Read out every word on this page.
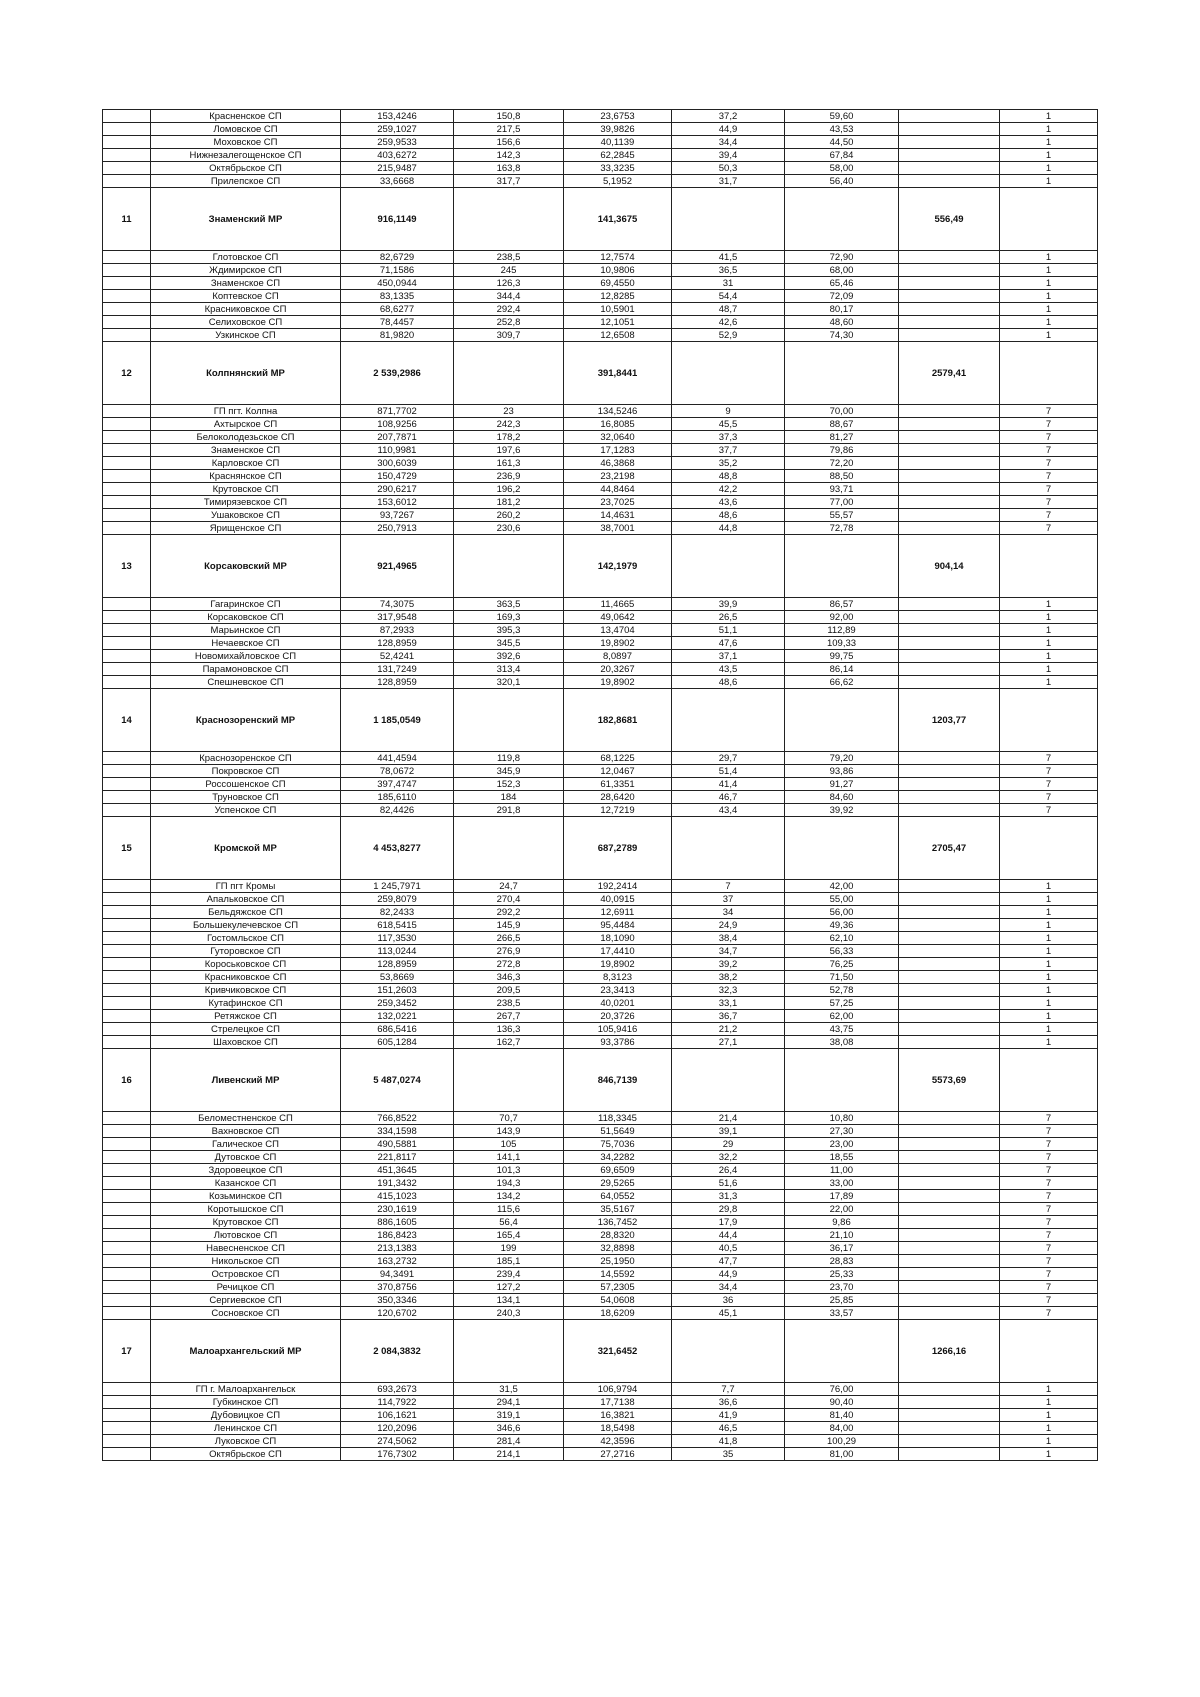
	Красненское СП	153,4246	150,8	23,6753	37,2	59,60		1
	Ломовское СП	259,1027	217,5	39,9826	44,9	43,53		1
	Моховское СП	259,9533	156,6	40,1139	34,4	44,50		1
	Нижнезалегощенское СП	403,6272	142,3	62,2845	39,4	67,84		1
	Октябрьское СП	215,9487	163,8	33,3235	50,3	58,00		1
	Прилепское СП	33,6668	317,7	5,1952	31,7	56,40		1
11	Знаменский МР	916,1149		141,3675			556,49	
	Глотовское СП	82,6729	238,5	12,7574	41,5	72,90		1
	Ждимирское СП	71,1586	245	10,9806	36,5	68,00		1
	Знаменское СП	450,0944	126,3	69,4550	31	65,46		1
	Коптевское СП	83,1335	344,4	12,8285	54,4	72,09		1
	Красниковское СП	68,6277	292,4	10,5901	48,7	80,17		1
	Селиховское СП	78,4457	252,8	12,1051	42,6	48,60		1
	Узкинское СП	81,9820	309,7	12,6508	52,9	74,30		1
12	Колпнянский МР	2 539,2986		391,8441			2579,41	
	ГП пгт. Колпна	871,7702	23	134,5246	9	70,00		7
	Ахтырское СП	108,9256	242,3	16,8085	45,5	88,67		7
	Белоколодезьское СП	207,7871	178,2	32,0640	37,3	81,27		7
	Знаменское СП	110,9981	197,6	17,1283	37,7	79,86		7
	Карловское СП	300,6039	161,3	46,3868	35,2	72,20		7
	Краснянское СП	150,4729	236,9	23,2198	48,8	88,50		7
	Крутовское СП	290,6217	196,2	44,8464	42,2	93,71		7
	Тимирязевское СП	153,6012	181,2	23,7025	43,6	77,00		7
	Ушаковское СП	93,7267	260,2	14,4631	48,6	55,57		7
	Ярищенское СП	250,7913	230,6	38,7001	44,8	72,78		7
13	Корсаковский МР	921,4965		142,1979			904,14	
	Гагаринское СП	74,3075	363,5	11,4665	39,9	86,57		1
	Корсаковское СП	317,9548	169,3	49,0642	26,5	92,00		1
	Марьинское СП	87,2933	395,3	13,4704	51,1	112,89		1
	Нечаевское СП	128,8959	345,5	19,8902	47,6	109,33		1
	Новомихайловское СП	52,4241	392,6	8,0897	37,1	99,75		1
	Парамоновское СП	131,7249	313,4	20,3267	43,5	86,14		1
	Спешневское СП	128,8959	320,1	19,8902	48,6	66,62		1
14	Краснозоренский МР	1 185,0549		182,8681			1203,77	
	Краснозоренское СП	441,4594	119,8	68,1225	29,7	79,20		7
	Покровское СП	78,0672	345,9	12,0467	51,4	93,86		7
	Россошенское СП	397,4747	152,3	61,3351	41,4	91,27		7
	Труновское СП	185,6110	184	28,6420	46,7	84,60		7
	Успенское СП	82,4426	291,8	12,7219	43,4	39,92		7
15	Кромской МР	4 453,8277		687,2789			2705,47	
	ГП пгт Кромы	1 245,7971	24,7	192,2414	7	42,00		1
	Апальковское СП	259,8079	270,4	40,0915	37	55,00		1
	Бельдяжское СП	82,2433	292,2	12,6911	34	56,00		1
	Большекулечевское СП	618,5415	145,9	95,4484	24,9	49,36		1
	Гостомльское СП	117,3530	266,5	18,1090	38,4	62,10		1
	Гуторовское СП	113,0244	276,9	17,4410	34,7	56,33		1
	Короськовское СП	128,8959	272,8	19,8902	39,2	76,25		1
	Красниковское СП	53,8669	346,3	8,3123	38,2	71,50		1
	Кривчиковское СП	151,2603	209,5	23,3413	32,3	52,78		1
	Кутафинское СП	259,3452	238,5	40,0201	33,1	57,25		1
	Ретяжское СП	132,0221	267,7	20,3726	36,7	62,00		1
	Стрелецкое СП	686,5416	136,3	105,9416	21,2	43,75		1
	Шаховское СП	605,1284	162,7	93,3786	27,1	38,08		1
16	Ливенский МР	5 487,0274		846,7139			5573,69	
	Беломестненское СП	766,8522	70,7	118,3345	21,4	10,80		7
	Вахновское СП	334,1598	143,9	51,5649	39,1	27,30		7
	Галическое СП	490,5881	105	75,7036	29	23,00		7
	Дутовское СП	221,8117	141,1	34,2282	32,2	18,55		7
	Здоровецкое СП	451,3645	101,3	69,6509	26,4	11,00		7
	Казанское СП	191,3432	194,3	29,5265	51,6	33,00		7
	Козьминское СП	415,1023	134,2	64,0552	31,3	17,89		7
	Коротышское СП	230,1619	115,6	35,5167	29,8	22,00		7
	Крутовское СП	886,1605	56,4	136,7452	17,9	9,86		7
	Лютовское СП	186,8423	165,4	28,8320	44,4	21,10		7
	Навесненское СП	213,1383	199	32,8898	40,5	36,17		7
	Никольское СП	163,2732	185,1	25,1950	47,7	28,83		7
	Островское СП	94,3491	239,4	14,5592	44,9	25,33		7
	Речицкое СП	370,8756	127,2	57,2305	34,4	23,70		7
	Сергиевское СП	350,3346	134,1	54,0608	36	25,85		7
	Сосновское СП	120,6702	240,3	18,6209	45,1	33,57		7
17	Малоархангельский МР	2 084,3832		321,6452			1266,16	
	ГП г. Малоархангельск	693,2673	31,5	106,9794	7,7	76,00		1
	Губкинское СП	114,7922	294,1	17,7138	36,6	90,40		1
	Дубовицкое СП	106,1621	319,1	16,3821	41,9	81,40		1
	Ленинское СП	120,2096	346,6	18,5498	46,5	84,00		1
	Луковское СП	274,5062	281,4	42,3596	41,8	100,29		1
	Октябрьское СП	176,7302	214,1	27,2716	35	81,00		1
